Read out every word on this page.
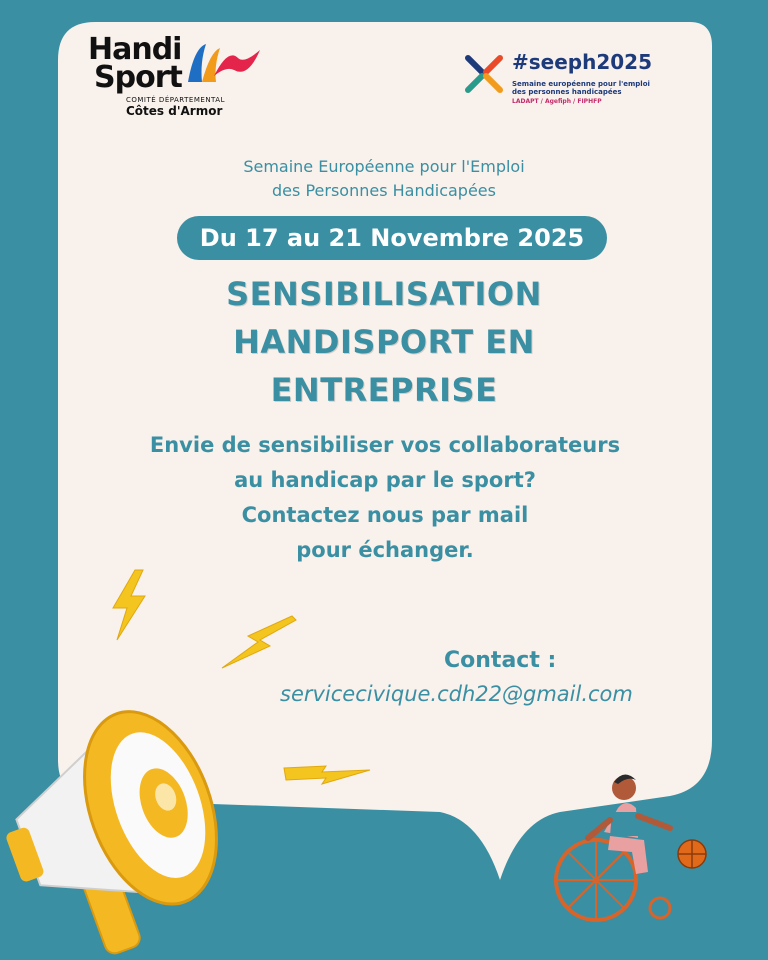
Handi
Sport
COMITÉ DÉPARTEMENTAL
Côtes d'Armor
#seeph2025
Semaine européenne pour l'emploi
des personnes handicapées
LADAPT / Agefiph / FIPHFP
Semaine Européenne pour l'Emploi
des Personnes Handicapées
Du 17 au 21 Novembre 2025
SENSIBILISATION
HANDISPORT EN
ENTREPRISE
Envie de sensibiliser vos collaborateurs
au handicap par le sport?
Contactez nous par mail
pour échanger.
Contact :
servicecivique.cdh22@gmail.com
